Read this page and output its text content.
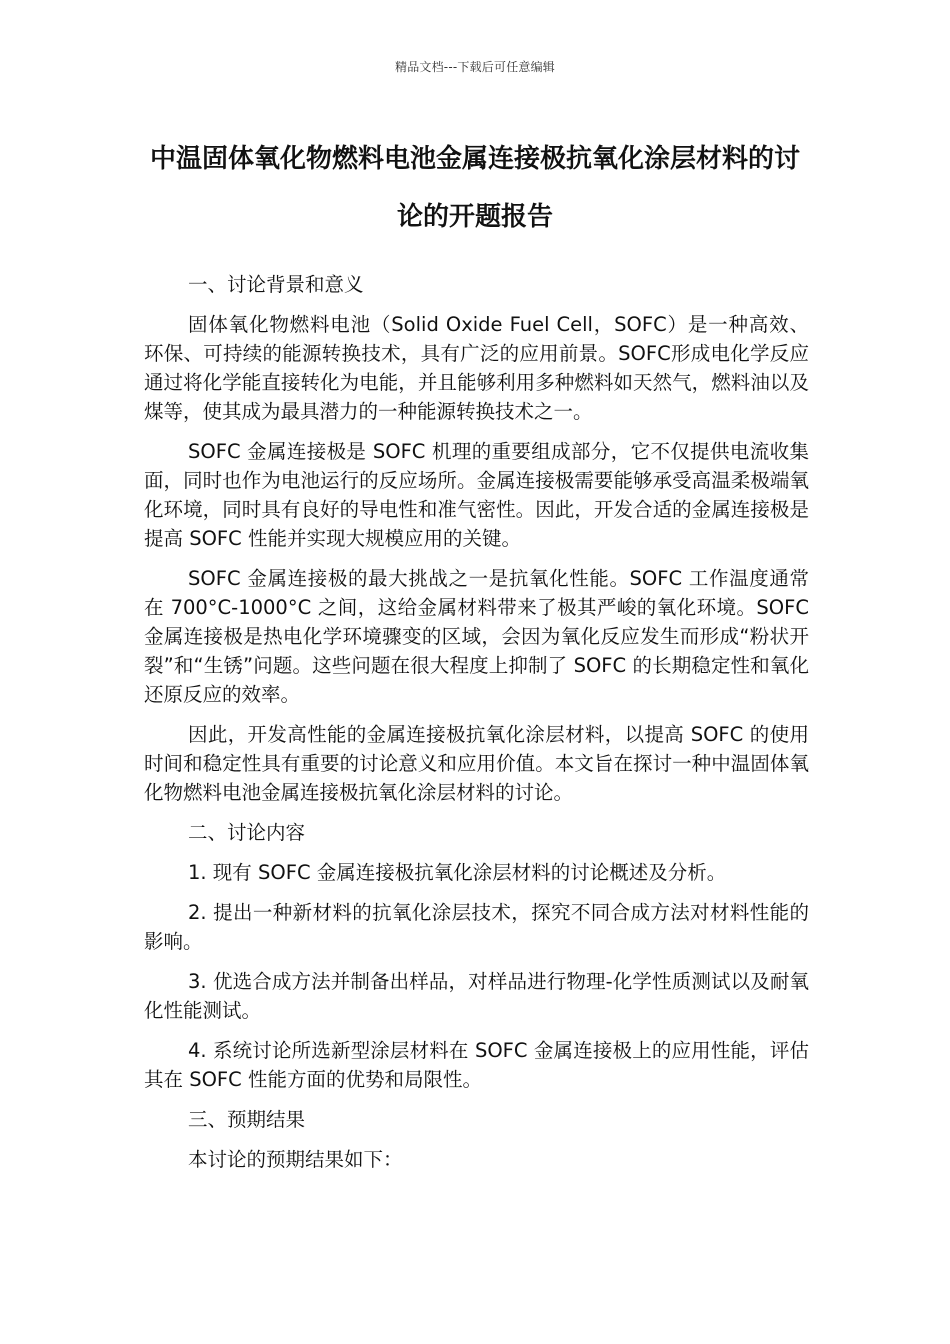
精品文档---下载后可任意编辑
中温固体氧化物燃料电池金属连接极抗氧化涂层材料的讨论的开题报告

一、讨论背景和意义

固体氧化物燃料电池（Solid Oxide Fuel Cell，SOFC）是一种高效、环保、可持续的能源转换技术，具有广泛的应用前景。SOFC形成电化学反应通过将化学能直接转化为电能，并且能够利用多种燃料如天然气，燃料油以及煤等，使其成为最具潜力的一种能源转换技术之一。

SOFC 金属连接极是 SOFC 机理的重要组成部分，它不仅提供电流收集面，同时也作为电池运行的反应场所。金属连接极需要能够承受高温柔极端氧化环境，同时具有良好的导电性和准气密性。因此，开发合适的金属连接极是提高 SOFC 性能并实现大规模应用的关键。

SOFC 金属连接极的最大挑战之一是抗氧化性能。SOFC 工作温度通常在 700°C-1000°C 之间，这给金属材料带来了极其严峻的氧化环境。SOFC 金属连接极是热电化学环境骤变的区域，会因为氧化反应发生而形成“粉状开裂”和“生锈”问题。这些问题在很大程度上抑制了 SOFC 的长期稳定性和氧化还原反应的效率。

因此，开发高性能的金属连接极抗氧化涂层材料，以提高 SOFC 的使用时间和稳定性具有重要的讨论意义和应用价值。本文旨在探讨一种中温固体氧化物燃料电池金属连接极抗氧化涂层材料的讨论。

二、讨论内容

1. 现有 SOFC 金属连接极抗氧化涂层材料的讨论概述及分析。

2. 提出一种新材料的抗氧化涂层技术，探究不同合成方法对材料性能的影响。

3. 优选合成方法并制备出样品，对样品进行物理-化学性质测试以及耐氧化性能测试。

4. 系统讨论所选新型涂层材料在 SOFC 金属连接极上的应用性能，评估其在 SOFC 性能方面的优势和局限性。

三、预期结果

本讨论的预期结果如下：
